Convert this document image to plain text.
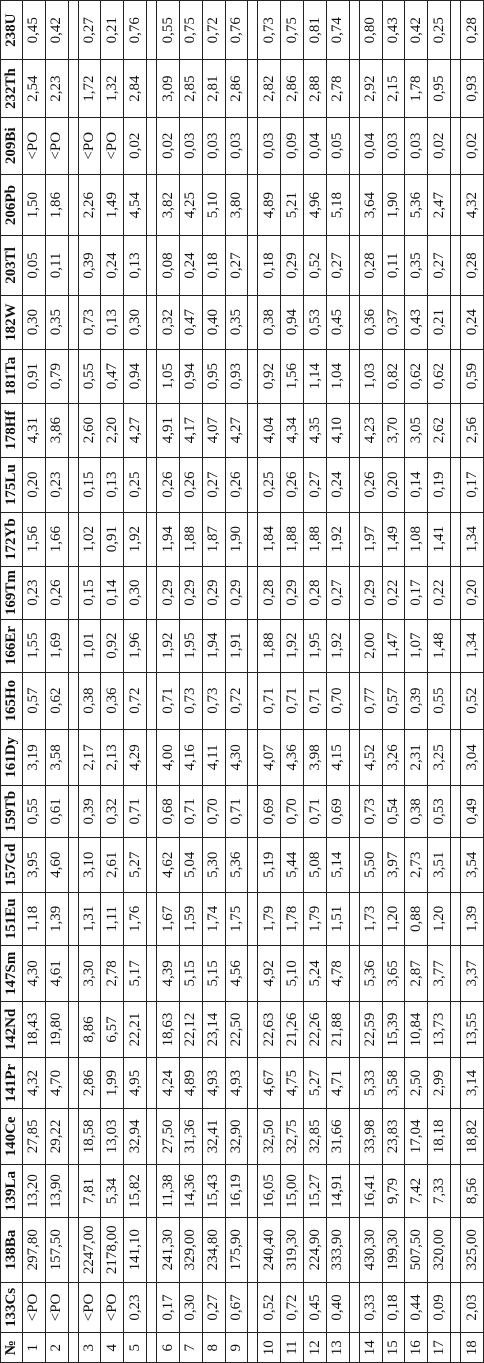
№	133Cs	138Ba	139La	140Ce	141Pr	142Nd	147Sm	151Eu	157Gd	159Tb	161Dy	165Ho	166Er	169Tm	172Yb	175Lu	178Hf	181Ta	182W	203Tl	206Pb	209Bi	232Th	238U
1	<PO	297,80	13,20	27,85	4,32	18,43	4,30	1,18	3,95	0,55	3,19	0,57	1,55	0,23	1,56	0,20	4,31	0,91	0,30	0,05	1,50	<PO	2,54	0,45
2	<PO	157,50	13,90	29,22	4,70	19,80	4,61	1,39	4,60	0,61	3,58	0,62	1,69	0,26	1,66	0,23	3,86	0,79	0,35	0,11	1,86	<PO	2,23	0,42

3	<PO	2247,00	7,81	18,58	2,86	8,86	3,30	1,31	3,10	0,39	2,17	0,38	1,01	0,15	1,02	0,15	2,60	0,55	0,73	0,39	2,26	<PO	1,72	0,27
4	<PO	2178,00	5,34	13,03	1,99	6,57	2,78	1,11	2,61	0,32	2,13	0,36	0,92	0,14	0,91	0,13	2,20	0,47	0,13	0,24	1,49	<PO	1,32	0,21
5	0,23	141,10	15,82	32,94	4,95	22,21	5,17	1,76	5,27	0,71	4,29	0,72	1,96	0,30	1,92	0,25	4,27	0,94	0,30	0,13	4,54	0,02	2,84	0,76

6	0,17	241,30	11,38	27,50	4,24	18,63	4,39	1,67	4,62	0,68	4,00	0,71	1,92	0,29	1,94	0,26	4,91	1,05	0,32	0,08	3,82	0,02	3,09	0,55
7	0,30	329,00	14,36	31,36	4,89	22,12	5,15	1,59	5,04	0,71	4,16	0,73	1,95	0,29	1,88	0,26	4,17	0,94	0,47	0,24	4,25	0,03	2,85	0,75
8	0,27	234,80	15,43	32,41	4,93	23,14	5,15	1,74	5,30	0,70	4,11	0,73	1,94	0,29	1,87	0,27	4,07	0,95	0,40	0,18	5,10	0,03	2,81	0,72
9	0,67	175,90	16,19	32,90	4,93	22,50	4,56	1,75	5,36	0,71	4,30	0,72	1,91	0,29	1,90	0,26	4,27	0,93	0,35	0,27	3,80	0,03	2,86	0,76

10	0,52	240,40	16,05	32,50	4,67	22,63	4,92	1,79	5,19	0,69	4,07	0,71	1,88	0,28	1,84	0,25	4,04	0,92	0,38	0,18	4,89	0,03	2,82	0,73
11	0,72	319,30	15,00	32,75	4,75	21,26	5,10	1,78	5,44	0,70	4,36	0,71	1,92	0,29	1,88	0,26	4,34	1,56	0,94	0,29	5,21	0,09	2,86	0,75
12	0,45	224,90	15,27	32,85	5,27	22,26	5,24	1,79	5,08	0,71	3,98	0,71	1,95	0,28	1,88	0,27	4,35	1,14	0,53	0,52	4,96	0,04	2,88	0,81
13	0,40	333,90	14,91	31,66	4,71	21,88	4,78	1,51	5,14	0,69	4,15	0,70	1,92	0,27	1,92	0,24	4,10	1,04	0,45	0,27	5,18	0,05	2,78	0,74

14	0,33	430,30	16,41	33,98	5,33	22,59	5,36	1,73	5,50	0,73	4,52	0,77	2,00	0,29	1,97	0,26	4,23	1,03	0,36	0,28	3,64	0,04	2,92	0,80
15	0,18	199,30	9,79	23,83	3,58	15,39	3,65	1,20	3,97	0,54	3,26	0,57	1,47	0,22	1,49	0,20	3,70	0,82	0,37	0,11	1,90	0,03	2,15	0,43
16	0,44	507,50	7,42	17,04	2,50	10,84	2,87	0,88	2,73	0,38	2,31	0,39	1,07	0,17	1,08	0,14	3,05	0,62	0,43	0,35	5,36	0,03	1,78	0,42
17	0,09	320,00	7,33	18,18	2,99	13,73	3,77	1,20	3,51	0,53	3,25	0,55	1,48	0,22	1,41	0,19	2,62	0,62	0,21	0,27	2,47	0,02	0,95	0,25

18	2,03	325,00	8,56	18,82	3,14	13,55	3,37	1,39	3,54	0,49	3,04	0,52	1,34	0,20	1,34	0,17	2,56	0,59	0,24	0,28	4,32	0,02	0,93	0,28
